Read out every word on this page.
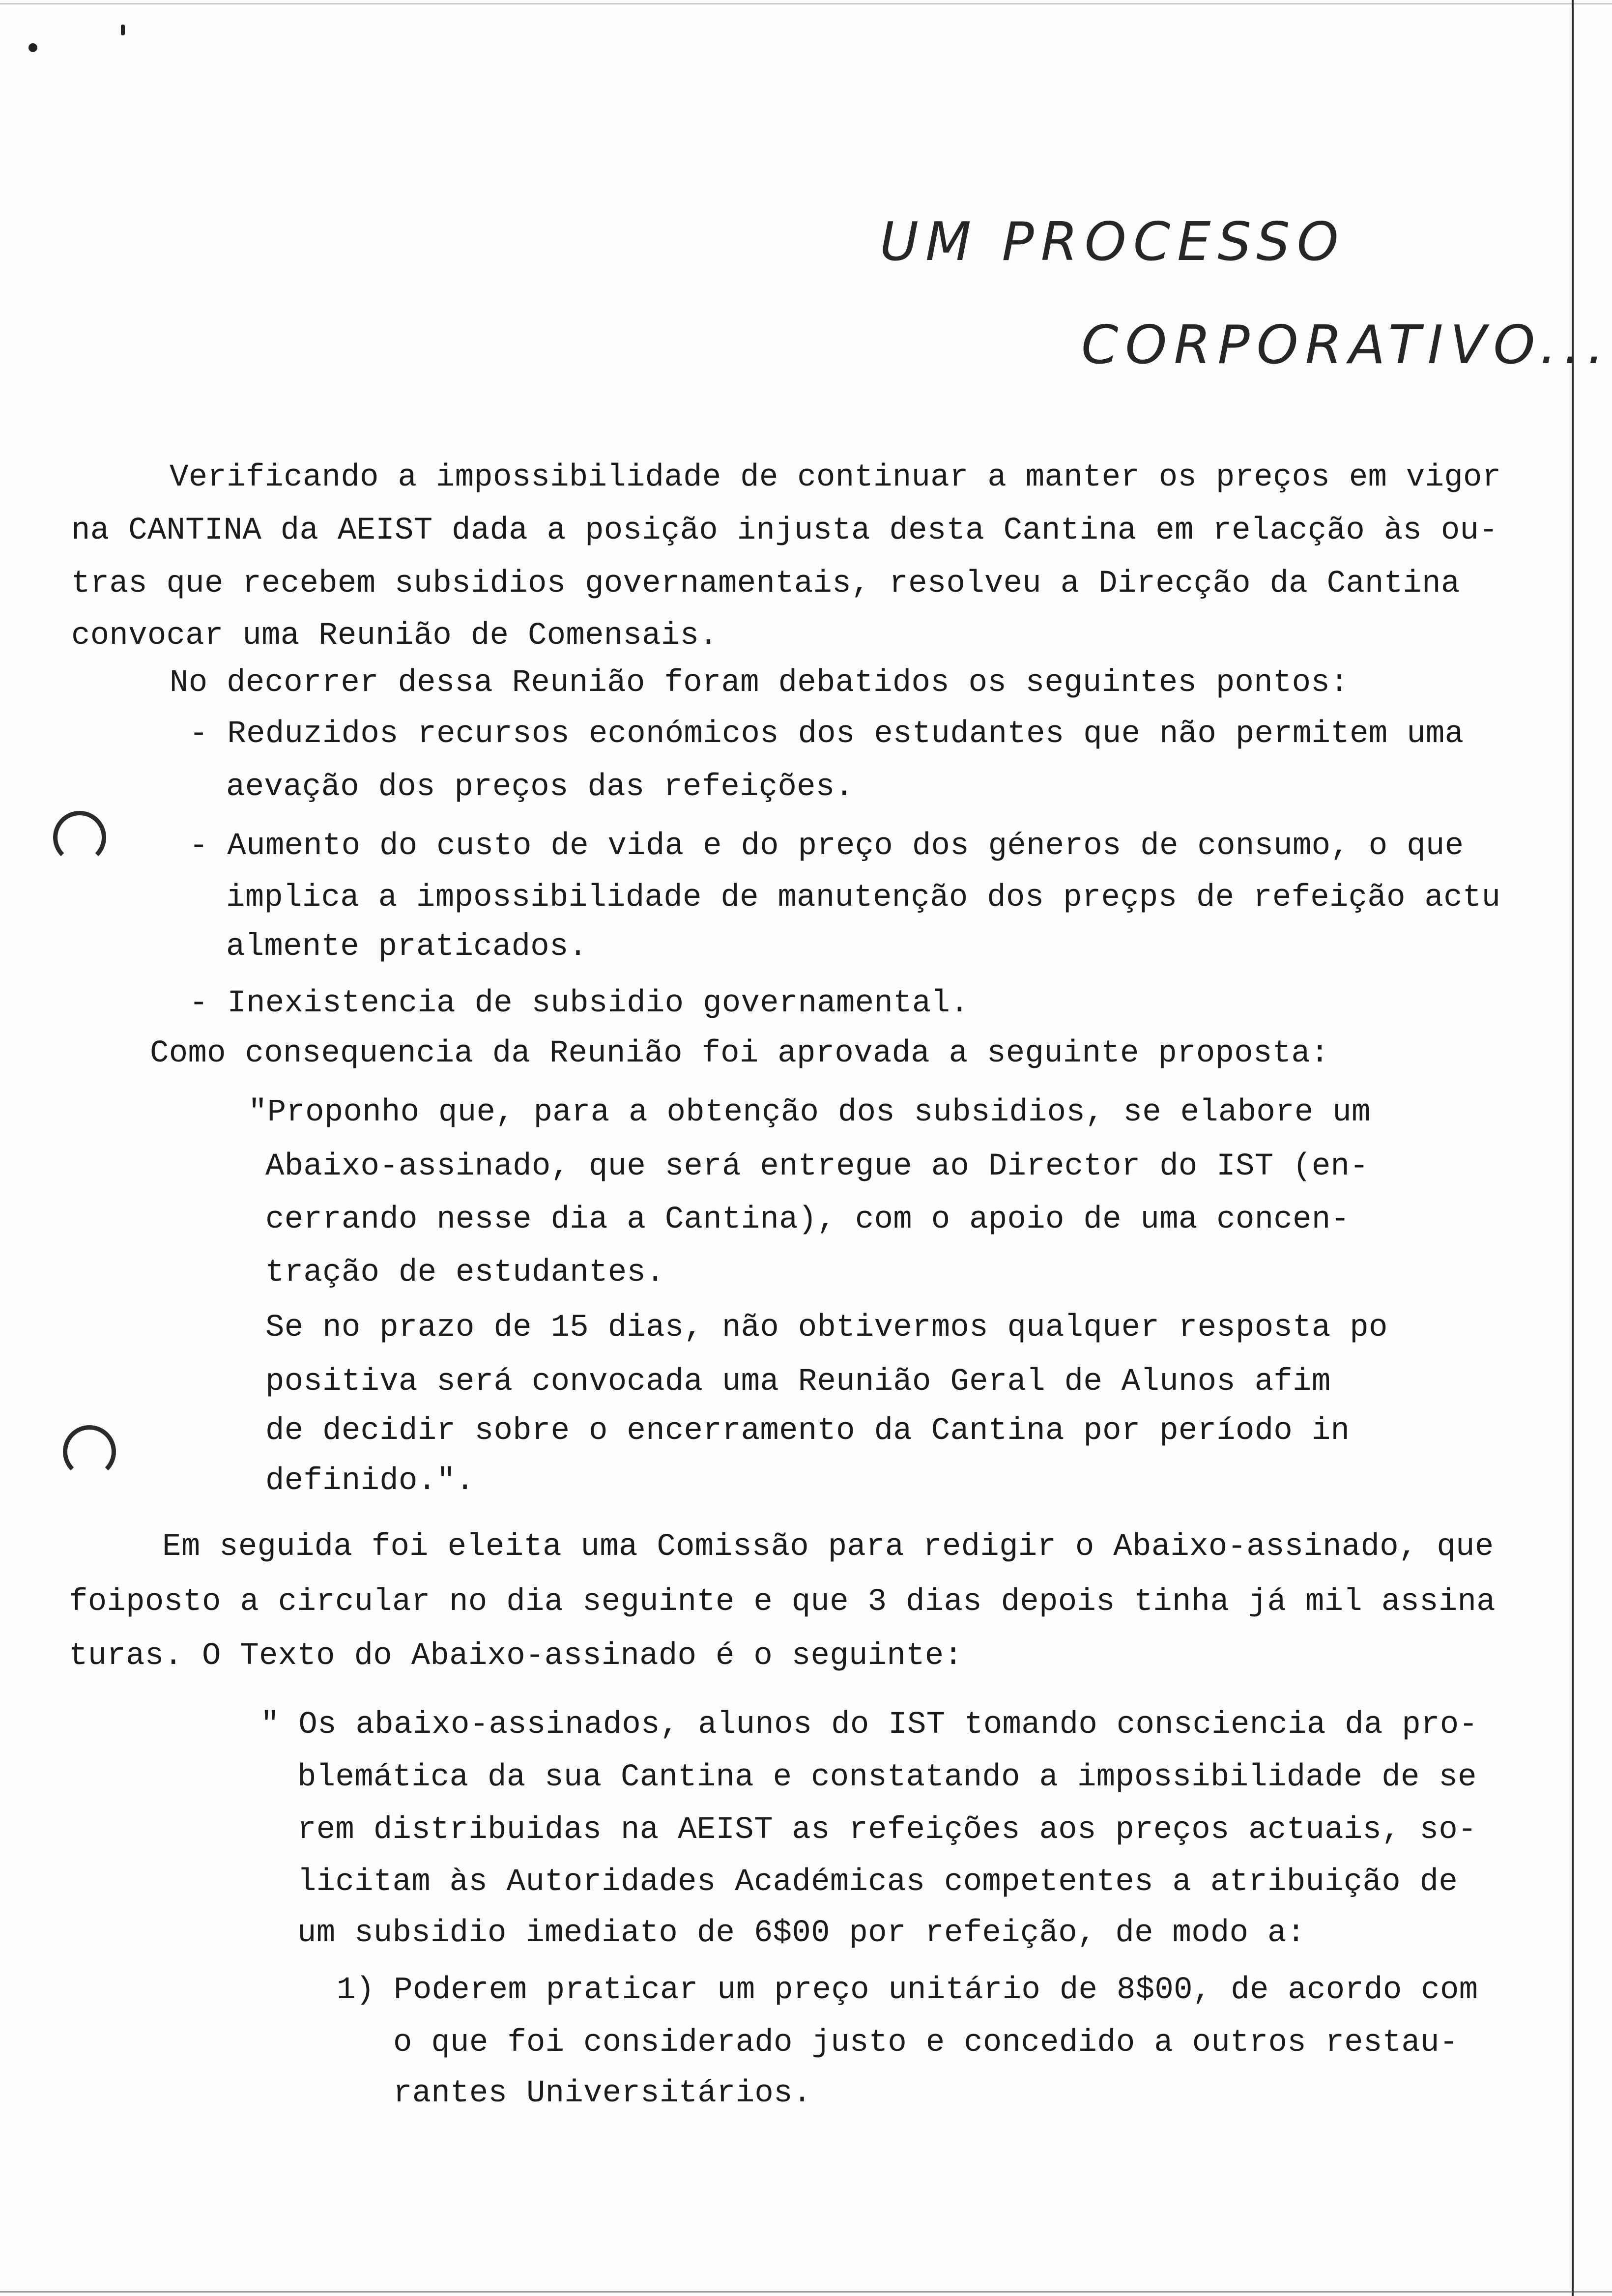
UM PROCESSO
CORPORATIVO...
Verificando a impossibilidade de continuar a manter os preços em vigor
na CANTINA da AEIST dada a posição injusta desta Cantina em relacção às ou-
tras que recebem subsidios governamentais, resolveu a Direcção da Cantina
convocar uma Reunião de Comensais.
No decorrer dessa Reunião foram debatidos os seguintes pontos:
- Reduzidos recursos económicos dos estudantes que não permitem uma
aevação dos preços das refeições.
- Aumento do custo de vida e do preço dos géneros de consumo, o que
implica a impossibilidade de manutenção dos preçps de refeição actu
almente praticados.
- Inexistencia de subsidio governamental.
Como consequencia da Reunião foi aprovada a seguinte proposta:
"Proponho que, para a obtenção dos subsidios, se elabore um
Abaixo-assinado, que será entregue ao Director do IST (en-
cerrando nesse dia a Cantina), com o apoio de uma concen-
tração de estudantes.
Se no prazo de 15 dias, não obtivermos qualquer resposta po
positiva será convocada uma Reunião Geral de Alunos afim
de decidir sobre o encerramento da Cantina por período in
definido.".
Em seguida foi eleita uma Comissão para redigir o Abaixo-assinado, que
foiposto a circular no dia seguinte e que 3 dias depois tinha já mil assina
turas. O Texto do Abaixo-assinado é o seguinte:
" Os abaixo-assinados, alunos do IST tomando consciencia da pro-
blemática da sua Cantina e constatando a impossibilidade de se
rem distribuidas na AEIST as refeições aos preços actuais, so-
licitam às Autoridades Académicas competentes a atribuição de
um subsidio imediato de 6$00 por refeição, de modo a:
1) Poderem praticar um preço unitário de 8$00, de acordo com
o que foi considerado justo e concedido a outros restau-
rantes Universitários.
